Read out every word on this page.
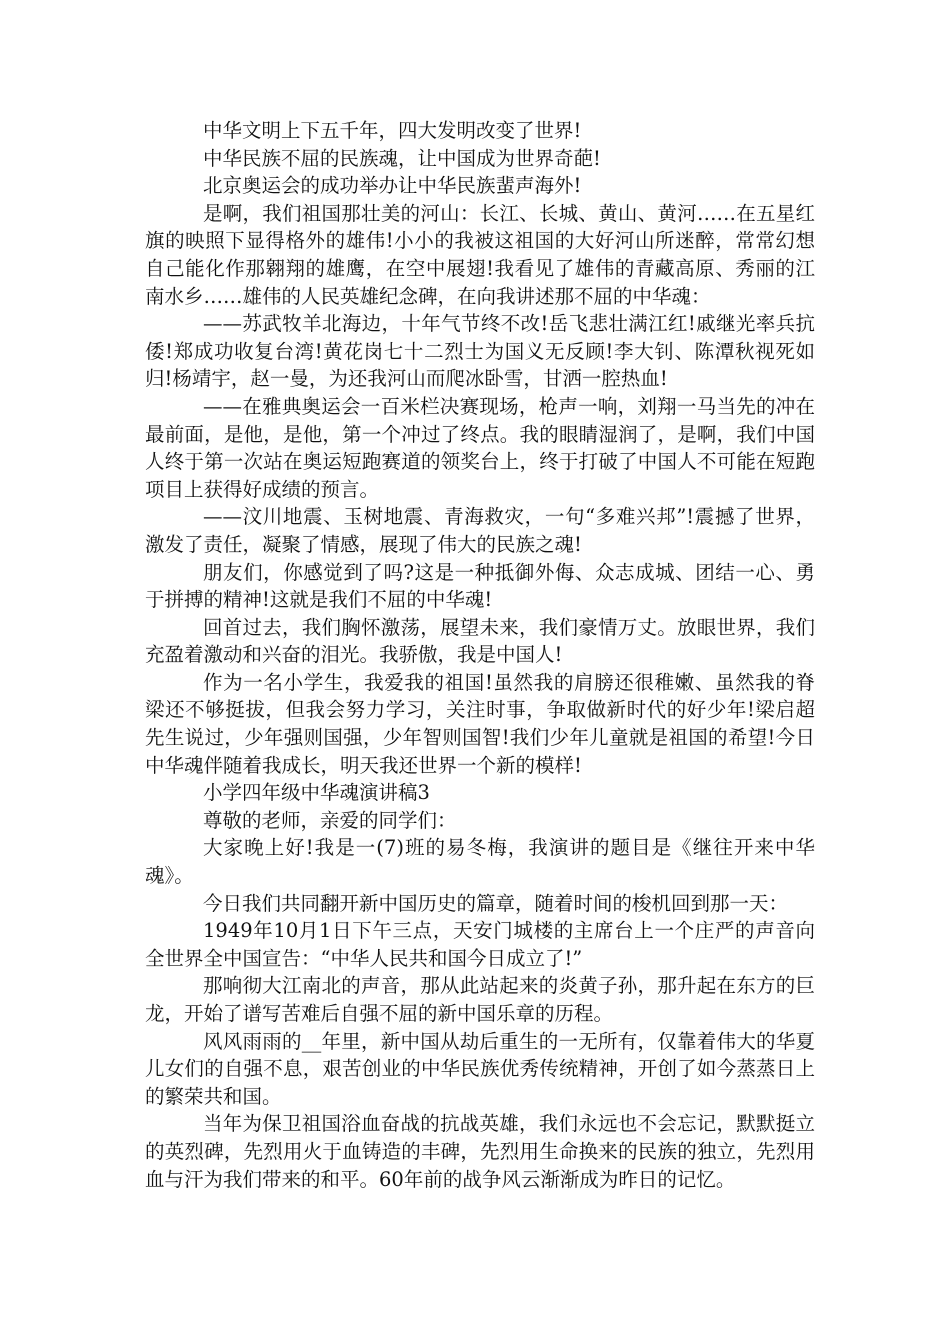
中华文明上下五千年，四大发明改变了世界!

中华民族不屈的民族魂，让中国成为世界奇葩!

北京奥运会的成功举办让中华民族蜚声海外!

是啊，我们祖国那壮美的河山：长江、长城、黄山、黄河……在五星红旗的映照下显得格外的雄伟!小小的我被这祖国的大好河山所迷醉，常常幻想自己能化作那翱翔的雄鹰，在空中展翅!我看见了雄伟的青藏高原、秀丽的江南水乡……雄伟的人民英雄纪念碑，在向我讲述那不屈的中华魂：

——苏武牧羊北海边，十年气节终不改!岳飞悲壮满江红!戚继光率兵抗倭!郑成功收复台湾!黄花岗七十二烈士为国义无反顾!李大钊、陈潭秋视死如归!杨靖宇，赵一曼，为还我河山而爬冰卧雪，甘洒一腔热血!

——在雅典奥运会一百米栏决赛现场，枪声一响，刘翔一马当先的冲在最前面，是他，是他，第一个冲过了终点。我的眼睛湿润了，是啊，我们中国人终于第一次站在奥运短跑赛道的领奖台上，终于打破了中国人不可能在短跑项目上获得好成绩的预言。

——汶川地震、玉树地震、青海救灾，一句“多难兴邦”!震撼了世界，激发了责任，凝聚了情感，展现了伟大的民族之魂!

朋友们，你感觉到了吗?这是一种抵御外侮、众志成城、团结一心、勇于拼搏的精神!这就是我们不屈的中华魂!

回首过去，我们胸怀激荡，展望未来，我们豪情万丈。放眼世界，我们充盈着激动和兴奋的泪光。我骄傲，我是中国人!

作为一名小学生，我爱我的祖国!虽然我的肩膀还很稚嫩、虽然我的脊梁还不够挺拔，但我会努力学习，关注时事，争取做新时代的好少年!梁启超先生说过，少年强则国强，少年智则国智!我们少年儿童就是祖国的希望!今日中华魂伴随着我成长，明天我还世界一个新的模样!

小学四年级中华魂演讲稿3

尊敬的老师，亲爱的同学们：

大家晚上好!我是一(7)班的易冬梅，我演讲的题目是《继往开来中华魂》。

今日我们共同翻开新中国历史的篇章，随着时间的梭机回到那一天：

1949年10月1日下午三点，天安门城楼的主席台上一个庄严的声音向全世界全中国宣告：“中华人民共和国今日成立了!”

那响彻大江南北的声音，那从此站起来的炎黄子孙，那升起在东方的巨龙，开始了谱写苦难后自强不屈的新中国乐章的历程。

风风雨雨的__年里，新中国从劫后重生的一无所有，仅靠着伟大的华夏儿女们的自强不息，艰苦创业的中华民族优秀传统精神，开创了如今蒸蒸日上的繁荣共和国。

当年为保卫祖国浴血奋战的抗战英雄，我们永远也不会忘记，默默挺立的英烈碑，先烈用火于血铸造的丰碑，先烈用生命换来的民族的独立，先烈用血与汗为我们带来的和平。60年前的战争风云渐渐成为昨日的记忆。
